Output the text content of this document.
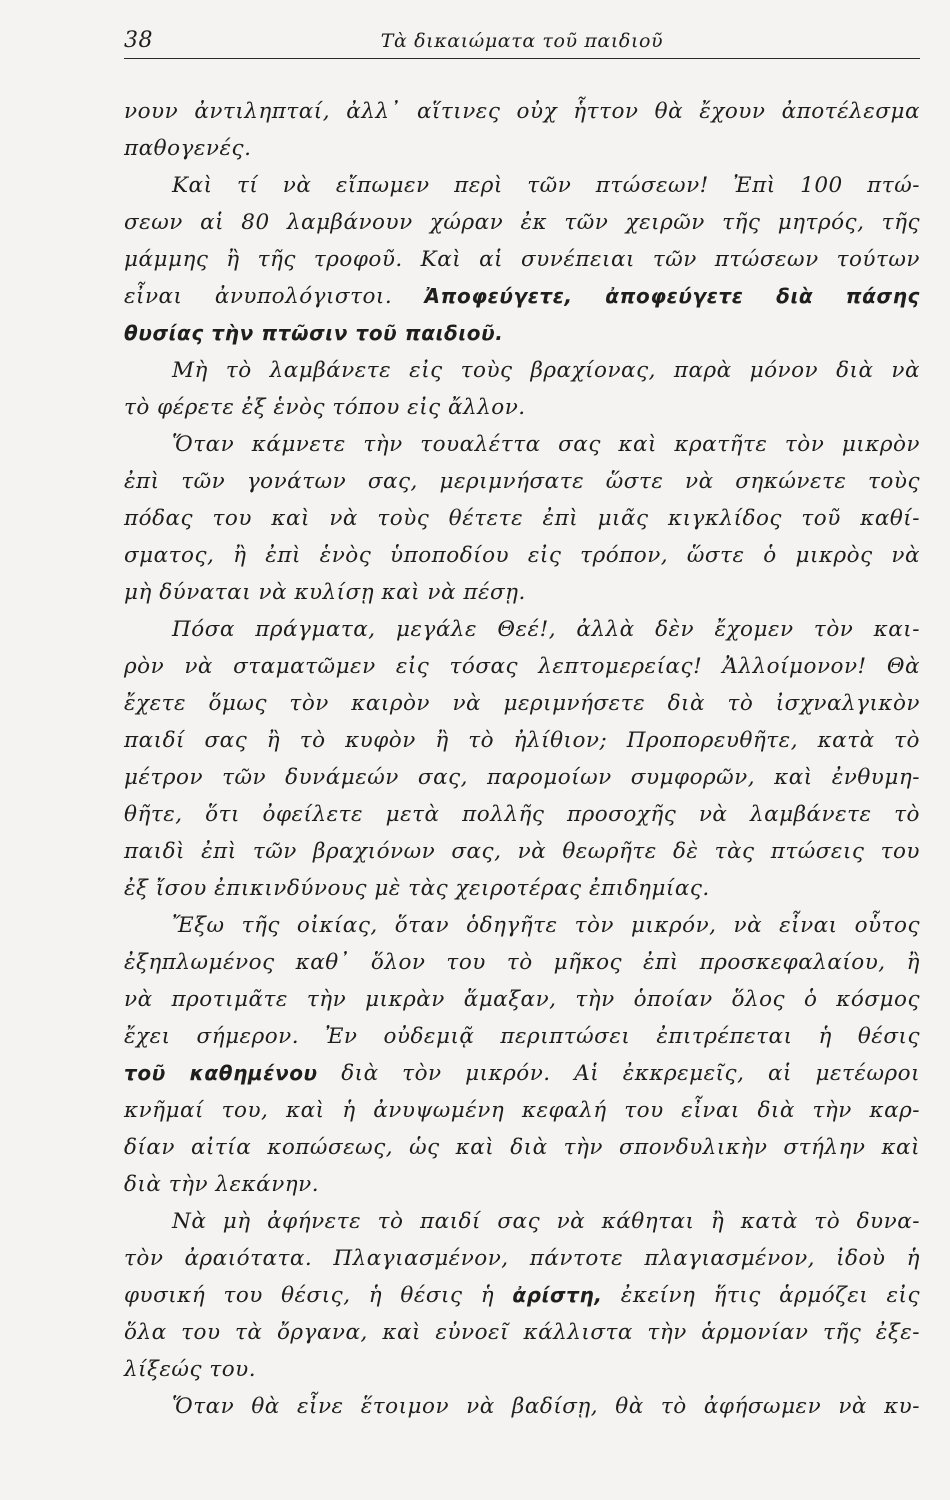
38	Τὰ δικαιώματα τοῦ παιδιοῦ
νουν ἀντιληπταί, ἀλλ᾽ αἵτινες οὐχ ἧττον θὰ ἔχουν ἀποτέλεσμα
παθογενές.
Καὶ τί νὰ εἴπωμεν περὶ τῶν πτώσεων! Ἐπὶ 100 πτώ-
σεων αἱ 80 λαμβάνουν χώραν ἐκ τῶν χειρῶν τῆς μητρός, τῆς
μάμμης ἢ τῆς τροφοῦ. Καὶ αἱ συνέπειαι τῶν πτώσεων τούτων
εἶναι ἀνυπολόγιστοι. Ἀποφεύγετε, ἀποφεύγετε διὰ πάσης
θυσίας τὴν πτῶσιν τοῦ παιδιοῦ.
Μὴ τὸ λαμβάνετε εἰς τοὺς βραχίονας, παρὰ μόνον διὰ νὰ
τὸ φέρετε ἐξ ἑνὸς τόπου εἰς ἄλλον.
Ὅταν κάμνετε τὴν τουαλέττα σας καὶ κρατῆτε τὸν μικρὸν
ἐπὶ τῶν γονάτων σας, μεριμνήσατε ὥστε νὰ σηκώνετε τοὺς
πόδας του καὶ νὰ τοὺς θέτετε ἐπὶ μιᾶς κιγκλίδος τοῦ καθί-
σματος, ἢ ἐπὶ ἑνὸς ὑποποδίου εἰς τρόπον, ὥστε ὁ μικρὸς νὰ
μὴ δύναται νὰ κυλίσῃ καὶ νὰ πέσῃ.
Πόσα πράγματα, μεγάλε Θεέ!, ἀλλὰ δὲν ἔχομεν τὸν και-
ρὸν νὰ σταματῶμεν εἰς τόσας λεπτομερείας! Ἀλλοίμονον! Θὰ
ἔχετε ὅμως τὸν καιρὸν νὰ μεριμνήσετε διὰ τὸ ἰσχναλγικὸν
παιδί σας ἢ τὸ κυφὸν ἢ τὸ ἠλίθιον; Προπορευθῆτε, κατὰ τὸ
μέτρον τῶν δυνάμεών σας, παρομοίων συμφορῶν, καὶ ἐνθυμη-
θῆτε, ὅτι ὀφείλετε μετὰ πολλῆς προσοχῆς νὰ λαμβάνετε τὸ
παιδὶ ἐπὶ τῶν βραχιόνων σας, νὰ θεωρῆτε δὲ τὰς πτώσεις του
ἐξ ἴσου ἐπικινδύνους μὲ τὰς χειροτέρας ἐπιδημίας.
Ἔξω τῆς οἰκίας, ὅταν ὁδηγῆτε τὸν μικρόν, νὰ εἶναι οὗτος
ἐξηπλωμένος καθ᾽ ὅλον του τὸ μῆκος ἐπὶ προσκεφαλαίου, ἢ
νὰ προτιμᾶτε τὴν μικρὰν ἅμαξαν, τὴν ὁποίαν ὅλος ὁ κόσμος
ἔχει σήμερον. Ἐν οὐδεμιᾷ περιπτώσει ἐπιτρέπεται ἡ θέσις
τοῦ καθημένου διὰ τὸν μικρόν. Αἱ ἐκκρεμεῖς, αἱ μετέωροι
κνῆμαί του, καὶ ἡ ἀνυψωμένη κεφαλή του εἶναι διὰ τὴν καρ-
δίαν αἰτία κοπώσεως, ὡς καὶ διὰ τὴν σπονδυλικὴν στήλην καὶ
διὰ τὴν λεκάνην.
Νὰ μὴ ἀφήνετε τὸ παιδί σας νὰ κάθηται ἢ κατὰ τὸ δυνα-
τὸν ἀραιότατα. Πλαγιασμένον, πάντοτε πλαγιασμένον, ἰδοὺ ἡ
φυσική του θέσις, ἡ θέσις ἡ ἀρίστη, ἐκείνη ἥτις ἁρμόζει εἰς
ὅλα του τὰ ὄργανα, καὶ εὐνοεῖ κάλλιστα τὴν ἁρμονίαν τῆς ἐξε-
λίξεώς του.
Ὅταν θὰ εἶνε ἕτοιμον νὰ βαδίσῃ, θὰ τὸ ἀφήσωμεν νὰ κυ-
